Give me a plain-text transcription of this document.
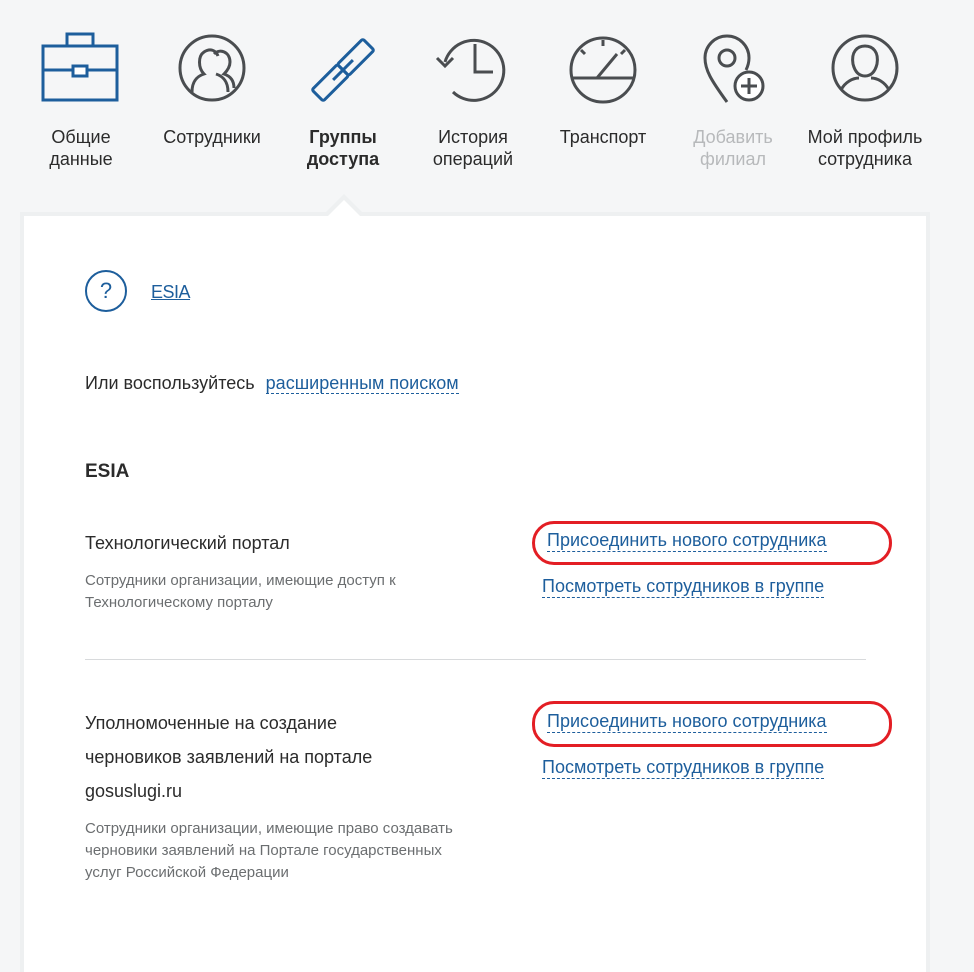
Общие
данные
Сотрудники	Группы
доступа
История
операций
Транспорт	Добавить
филиал
Мой профиль
сотрудника
?	ESIA
Или воспользуйтесь расширенным поиском
ESIA
Технологический портал
Сотрудники организации, имеющие доступ к Технологическому порталу
Присоединить нового сотрудника
Посмотреть сотрудников в группе
Уполномоченные на создание черновиков заявлений на портале gosuslugi.ru
Сотрудники организации, имеющие право создавать черновики заявлений на Портале государственных услуг Российской Федерации
Присоединить нового сотрудника
Посмотреть сотрудников в группе
